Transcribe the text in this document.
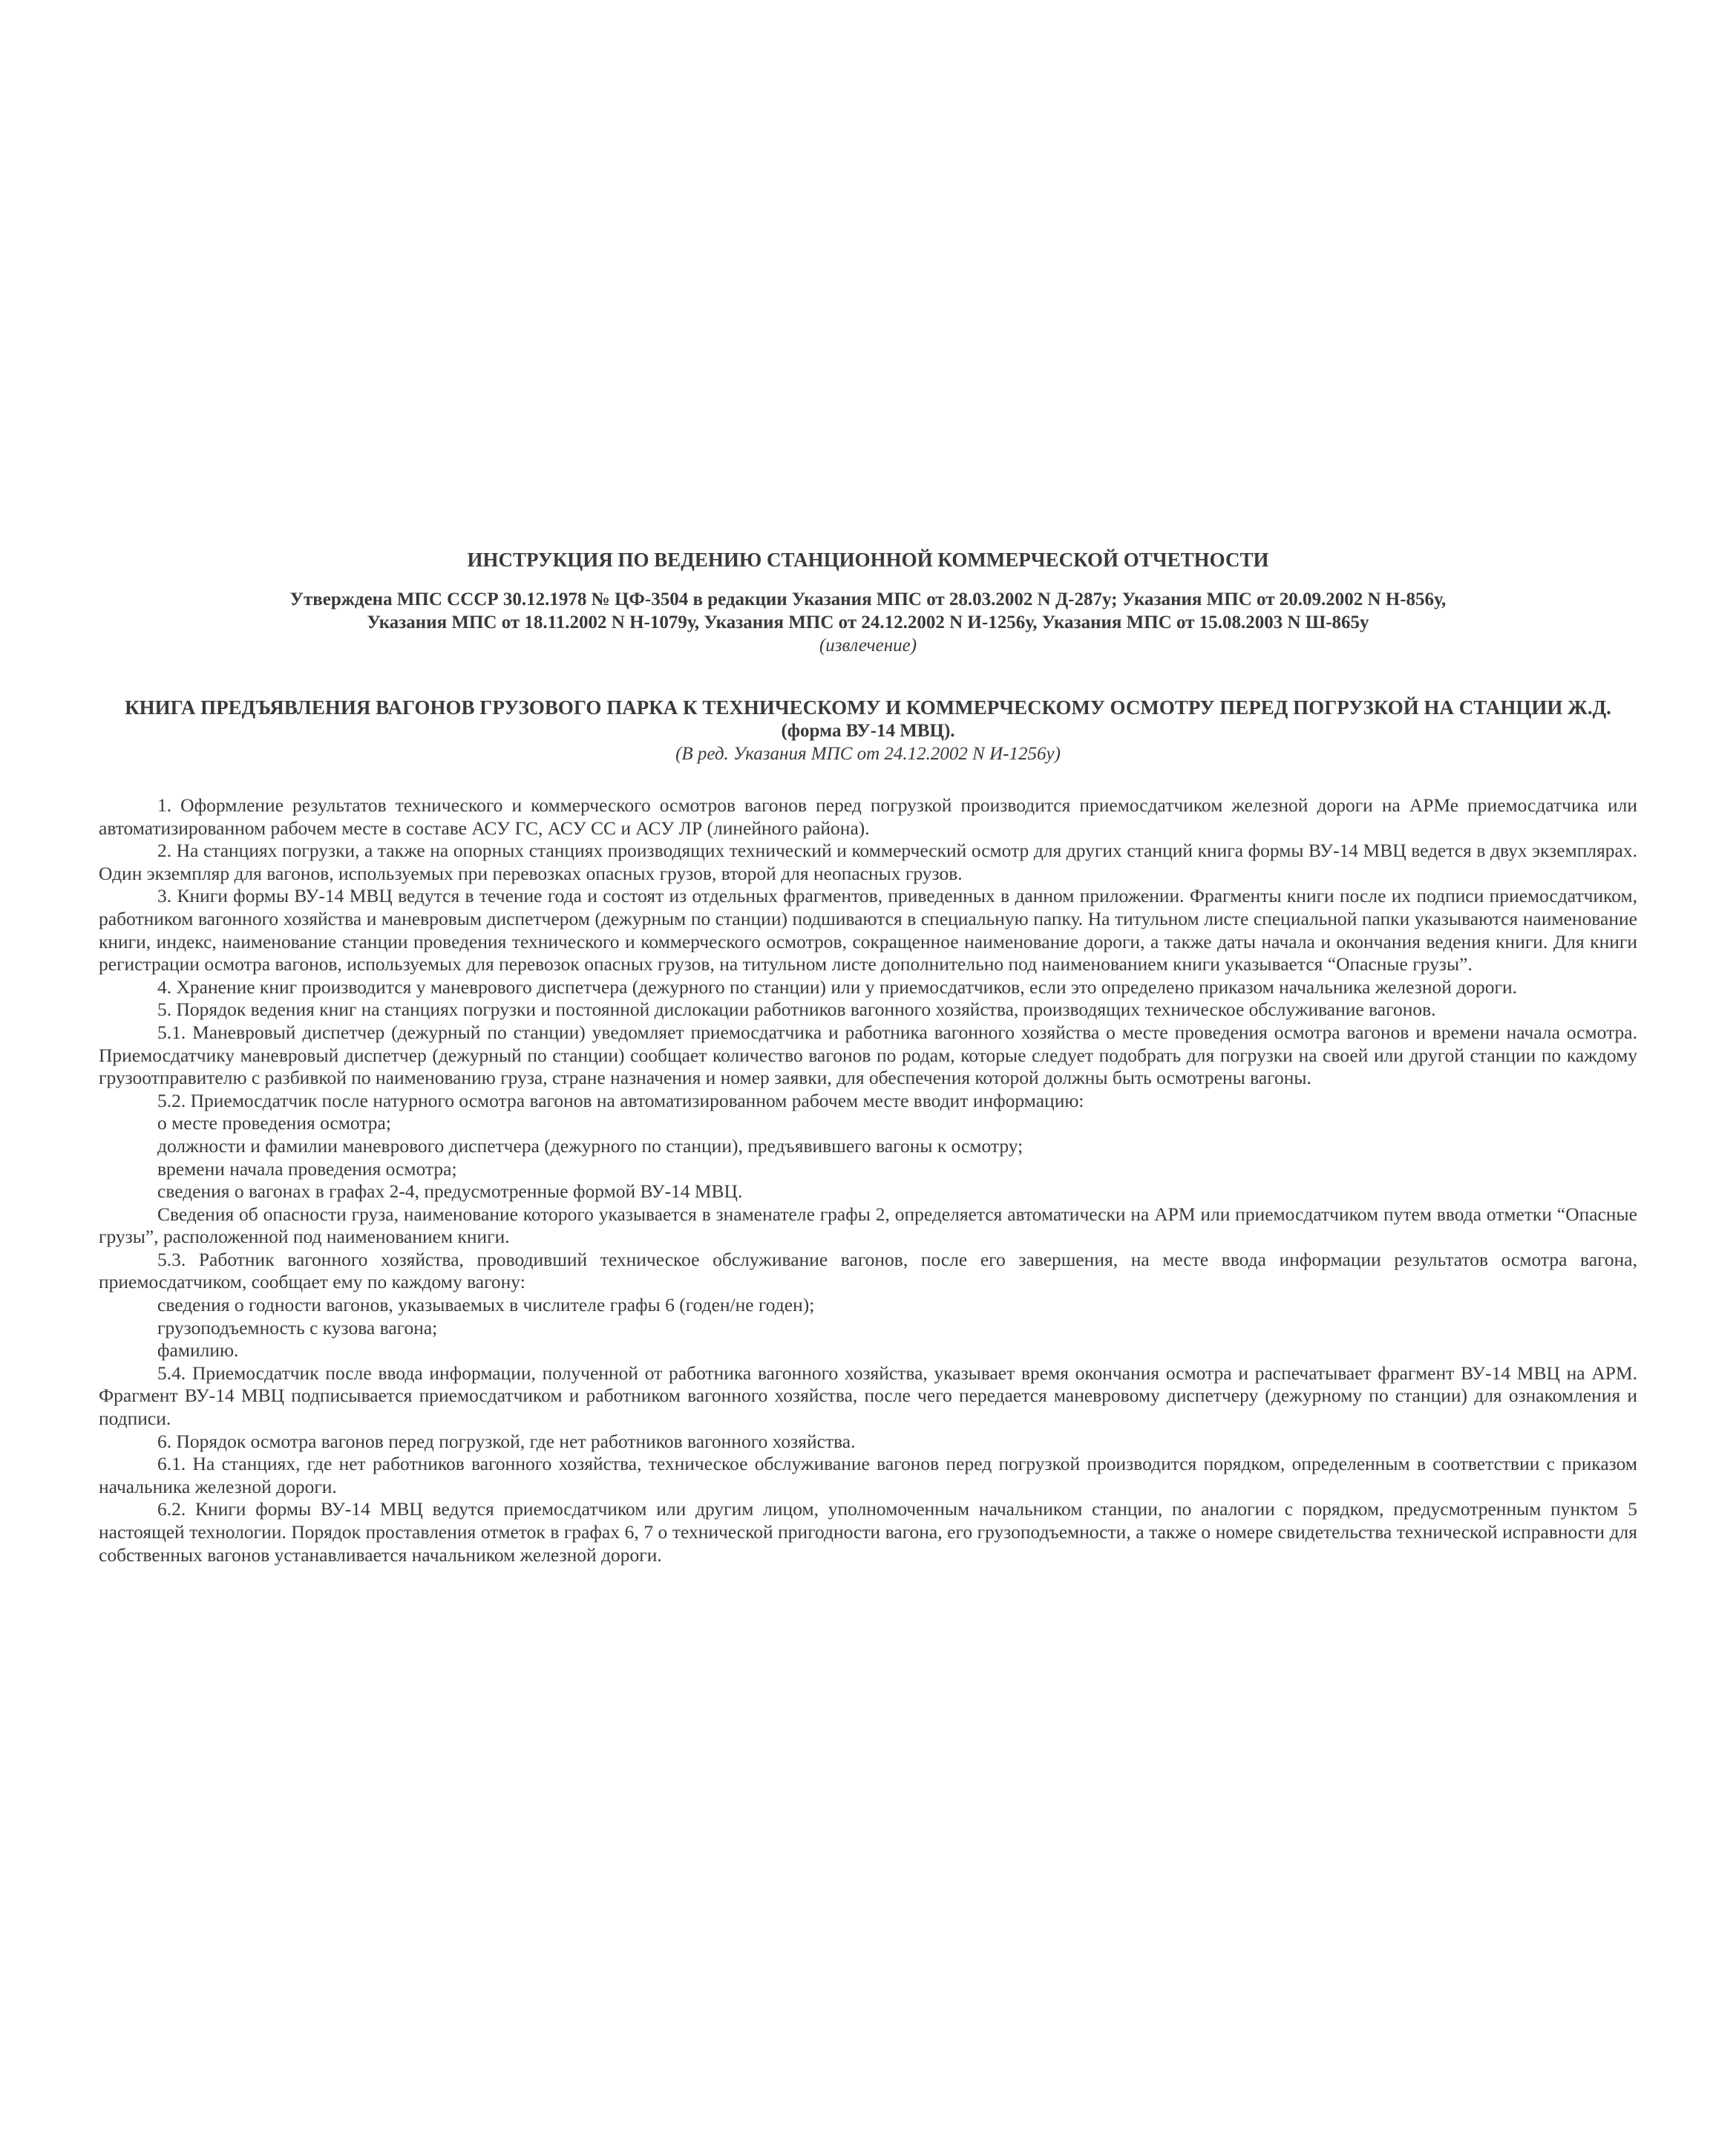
ИНСТРУКЦИЯ ПО ВЕДЕНИЮ СТАНЦИОННОЙ КОММЕРЧЕСКОЙ ОТЧЕТНОСТИ

Утверждена МПС СССР 30.12.1978 № ЦФ-3504 в редакции Указания МПС от 28.03.2002 N Д-287у; Указания МПС от 20.09.2002 N Н-856у,

Указания МПС от 18.11.2002 N Н-1079у, Указания МПС от 24.12.2002 N И-1256у, Указания МПС от 15.08.2003 N Ш-865у

(извлечение)

КНИГА ПРЕДЪЯВЛЕНИЯ ВАГОНОВ ГРУЗОВОГО ПАРКА К ТЕХНИЧЕСКОМУ И КОММЕРЧЕСКОМУ ОСМОТРУ ПЕРЕД ПОГРУЗКОЙ НА СТАНЦИИ Ж.Д.

(форма ВУ-14 МВЦ).

(В ред. Указания МПС от 24.12.2002 N И-1256у)

1. Оформление результатов технического и коммерческого осмотров вагонов перед погрузкой производится приемосдатчиком железной дороги на АРМе приемосдатчика или автоматизированном рабочем месте в составе АСУ ГС, АСУ СС и АСУ ЛР (линейного района).

2. На станциях погрузки, а также на опорных станциях производящих технический и коммерческий осмотр для других станций книга формы ВУ-14 МВЦ ведется в двух экземплярах. Один экземпляр для вагонов, используемых при перевозках опасных грузов, второй для неопасных грузов.

3. Книги формы ВУ-14 МВЦ ведутся в течение года и состоят из отдельных фрагментов, приведенных в данном приложении. Фрагменты книги после их подписи приемосдатчиком, работником вагонного хозяйства и маневровым диспетчером (дежурным по станции) подшиваются в специальную папку. На титульном листе специальной папки указываются наименование книги, индекс, наименование станции проведения технического и коммерческого осмотров, сокращенное наименование дороги, а также даты начала и окончания ведения книги. Для книги регистрации осмотра вагонов, используемых для перевозок опасных грузов, на титульном листе дополнительно под наименованием книги указывается “Опасные грузы”.

4. Хранение книг производится у маневрового диспетчера (дежурного по станции) или у приемосдатчиков, если это определено приказом начальника железной дороги.

5. Порядок ведения книг на станциях погрузки и постоянной дислокации работников вагонного хозяйства, производящих техническое обслуживание вагонов.

5.1. Маневровый диспетчер (дежурный по станции) уведомляет приемосдатчика и работника вагонного хозяйства о месте проведения осмотра вагонов и времени начала осмотра. Приемосдатчику маневровый диспетчер (дежурный по станции) сообщает количество вагонов по родам, которые следует подобрать для погрузки на своей или другой станции по каждому грузоотправителю с разбивкой по наименованию груза, стране назначения и номер заявки, для обеспечения которой должны быть осмотрены вагоны.

5.2. Приемосдатчик после натурного осмотра вагонов на автоматизированном рабочем месте вводит информацию:

о месте проведения осмотра;

должности и фамилии маневрового диспетчера (дежурного по станции), предъявившего вагоны к осмотру;

времени начала проведения осмотра;

сведения о вагонах в графах 2-4, предусмотренные формой ВУ-14 МВЦ.

Сведения об опасности груза, наименование которого указывается в знаменателе графы 2, определяется автоматически на АРМ или приемосдатчиком путем ввода отметки “Опасные грузы”, расположенной под наименованием книги.

5.3. Работник вагонного хозяйства, проводивший техническое обслуживание вагонов, после его завершения, на месте ввода информации результатов осмотра вагона, приемосдатчиком, сообщает ему по каждому вагону:

сведения о годности вагонов, указываемых в числителе графы 6 (годен/не годен);

грузоподъемность с кузова вагона;

фамилию.

5.4. Приемосдатчик после ввода информации, полученной от работника вагонного хозяйства, указывает время окончания осмотра и распечатывает фрагмент ВУ-14 МВЦ на АРМ. Фрагмент ВУ-14 МВЦ подписывается приемосдатчиком и работником вагонного хозяйства, после чего передается маневровому диспетчеру (дежурному по станции) для ознакомления и подписи.

6. Порядок осмотра вагонов перед погрузкой, где нет работников вагонного хозяйства.

6.1. На станциях, где нет работников вагонного хозяйства, техническое обслуживание вагонов перед погрузкой производится порядком, определенным в соответствии с приказом начальника железной дороги.

6.2. Книги формы ВУ-14 МВЦ ведутся приемосдатчиком или другим лицом, уполномоченным начальником станции, по аналогии с порядком, предусмотренным пунктом 5 настоящей технологии. Порядок проставления отметок в графах 6, 7 о технической пригодности вагона, его грузоподъемности, а также о номере свидетельства технической исправности для собственных вагонов устанавливается начальником железной дороги.
